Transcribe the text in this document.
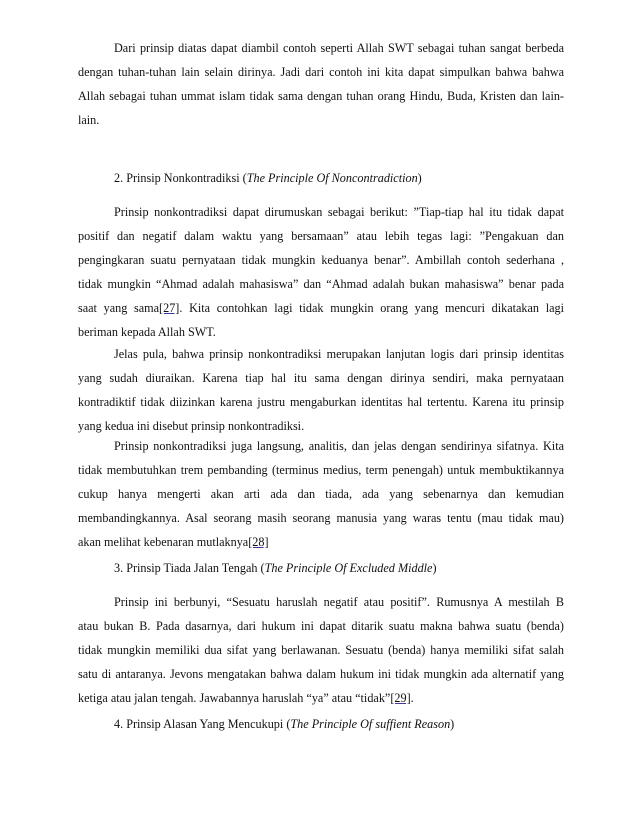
Dari prinsip diatas dapat diambil contoh seperti Allah SWT sebagai tuhan sangat berbeda
dengan tuhan-tuhan lain selain dirinya. Jadi dari contoh ini kita dapat simpulkan bahwa bahwa
Allah sebagai tuhan ummat islam tidak sama dengan tuhan orang Hindu, Buda, Kristen dan lain-
lain.
2. Prinsip Nonkontradiksi (The Principle Of Noncontradiction)
Prinsip nonkontradiksi dapat dirumuskan sebagai berikut: ”Tiap-tiap hal itu tidak dapat
positif dan negatif dalam waktu yang bersamaan” atau lebih tegas lagi: ”Pengakuan dan
pengingkaran suatu pernyataan tidak mungkin keduanya benar”. Ambillah contoh sederhana ,
tidak mungkin “Ahmad adalah mahasiswa” dan “Ahmad adalah bukan mahasiswa” benar pada
saat yang sama[27]. Kita contohkan lagi tidak mungkin orang yang mencuri dikatakan lagi
beriman kepada Allah SWT.
Jelas pula, bahwa prinsip nonkontradiksi merupakan lanjutan logis dari prinsip identitas
yang sudah diuraikan. Karena tiap hal itu sama dengan dirinya sendiri, maka pernyataan
kontradiktif tidak diizinkan karena justru mengaburkan identitas hal tertentu. Karena itu prinsip
yang kedua ini disebut prinsip nonkontradiksi.
Prinsip nonkontradiksi juga langsung, analitis, dan jelas dengan sendirinya sifatnya. Kita
tidak membutuhkan trem pembanding (terminus medius, term penengah) untuk membuktikannya
cukup hanya mengerti akan arti ada dan tiada, ada yang sebenarnya dan kemudian
membandingkannya. Asal seorang masih seorang manusia yang waras tentu (mau tidak mau)
akan melihat kebenaran mutlaknya[28]
3. Prinsip Tiada Jalan Tengah (The Principle Of Excluded Middle)
Prinsip ini berbunyi, “Sesuatu haruslah negatif atau positif”. Rumusnya A mestilah B
atau bukan B. Pada dasarnya, dari hukum ini dapat ditarik suatu makna bahwa suatu (benda)
tidak mungkin memiliki dua sifat yang berlawanan. Sesuatu (benda) hanya memiliki sifat salah
satu di antaranya. Jevons mengatakan bahwa dalam hukum ini tidak mungkin ada alternatif yang
ketiga atau jalan tengah. Jawabannya haruslah “ya” atau “tidak”[29].
4. Prinsip Alasan Yang Mencukupi (The Principle Of suffient Reason)
